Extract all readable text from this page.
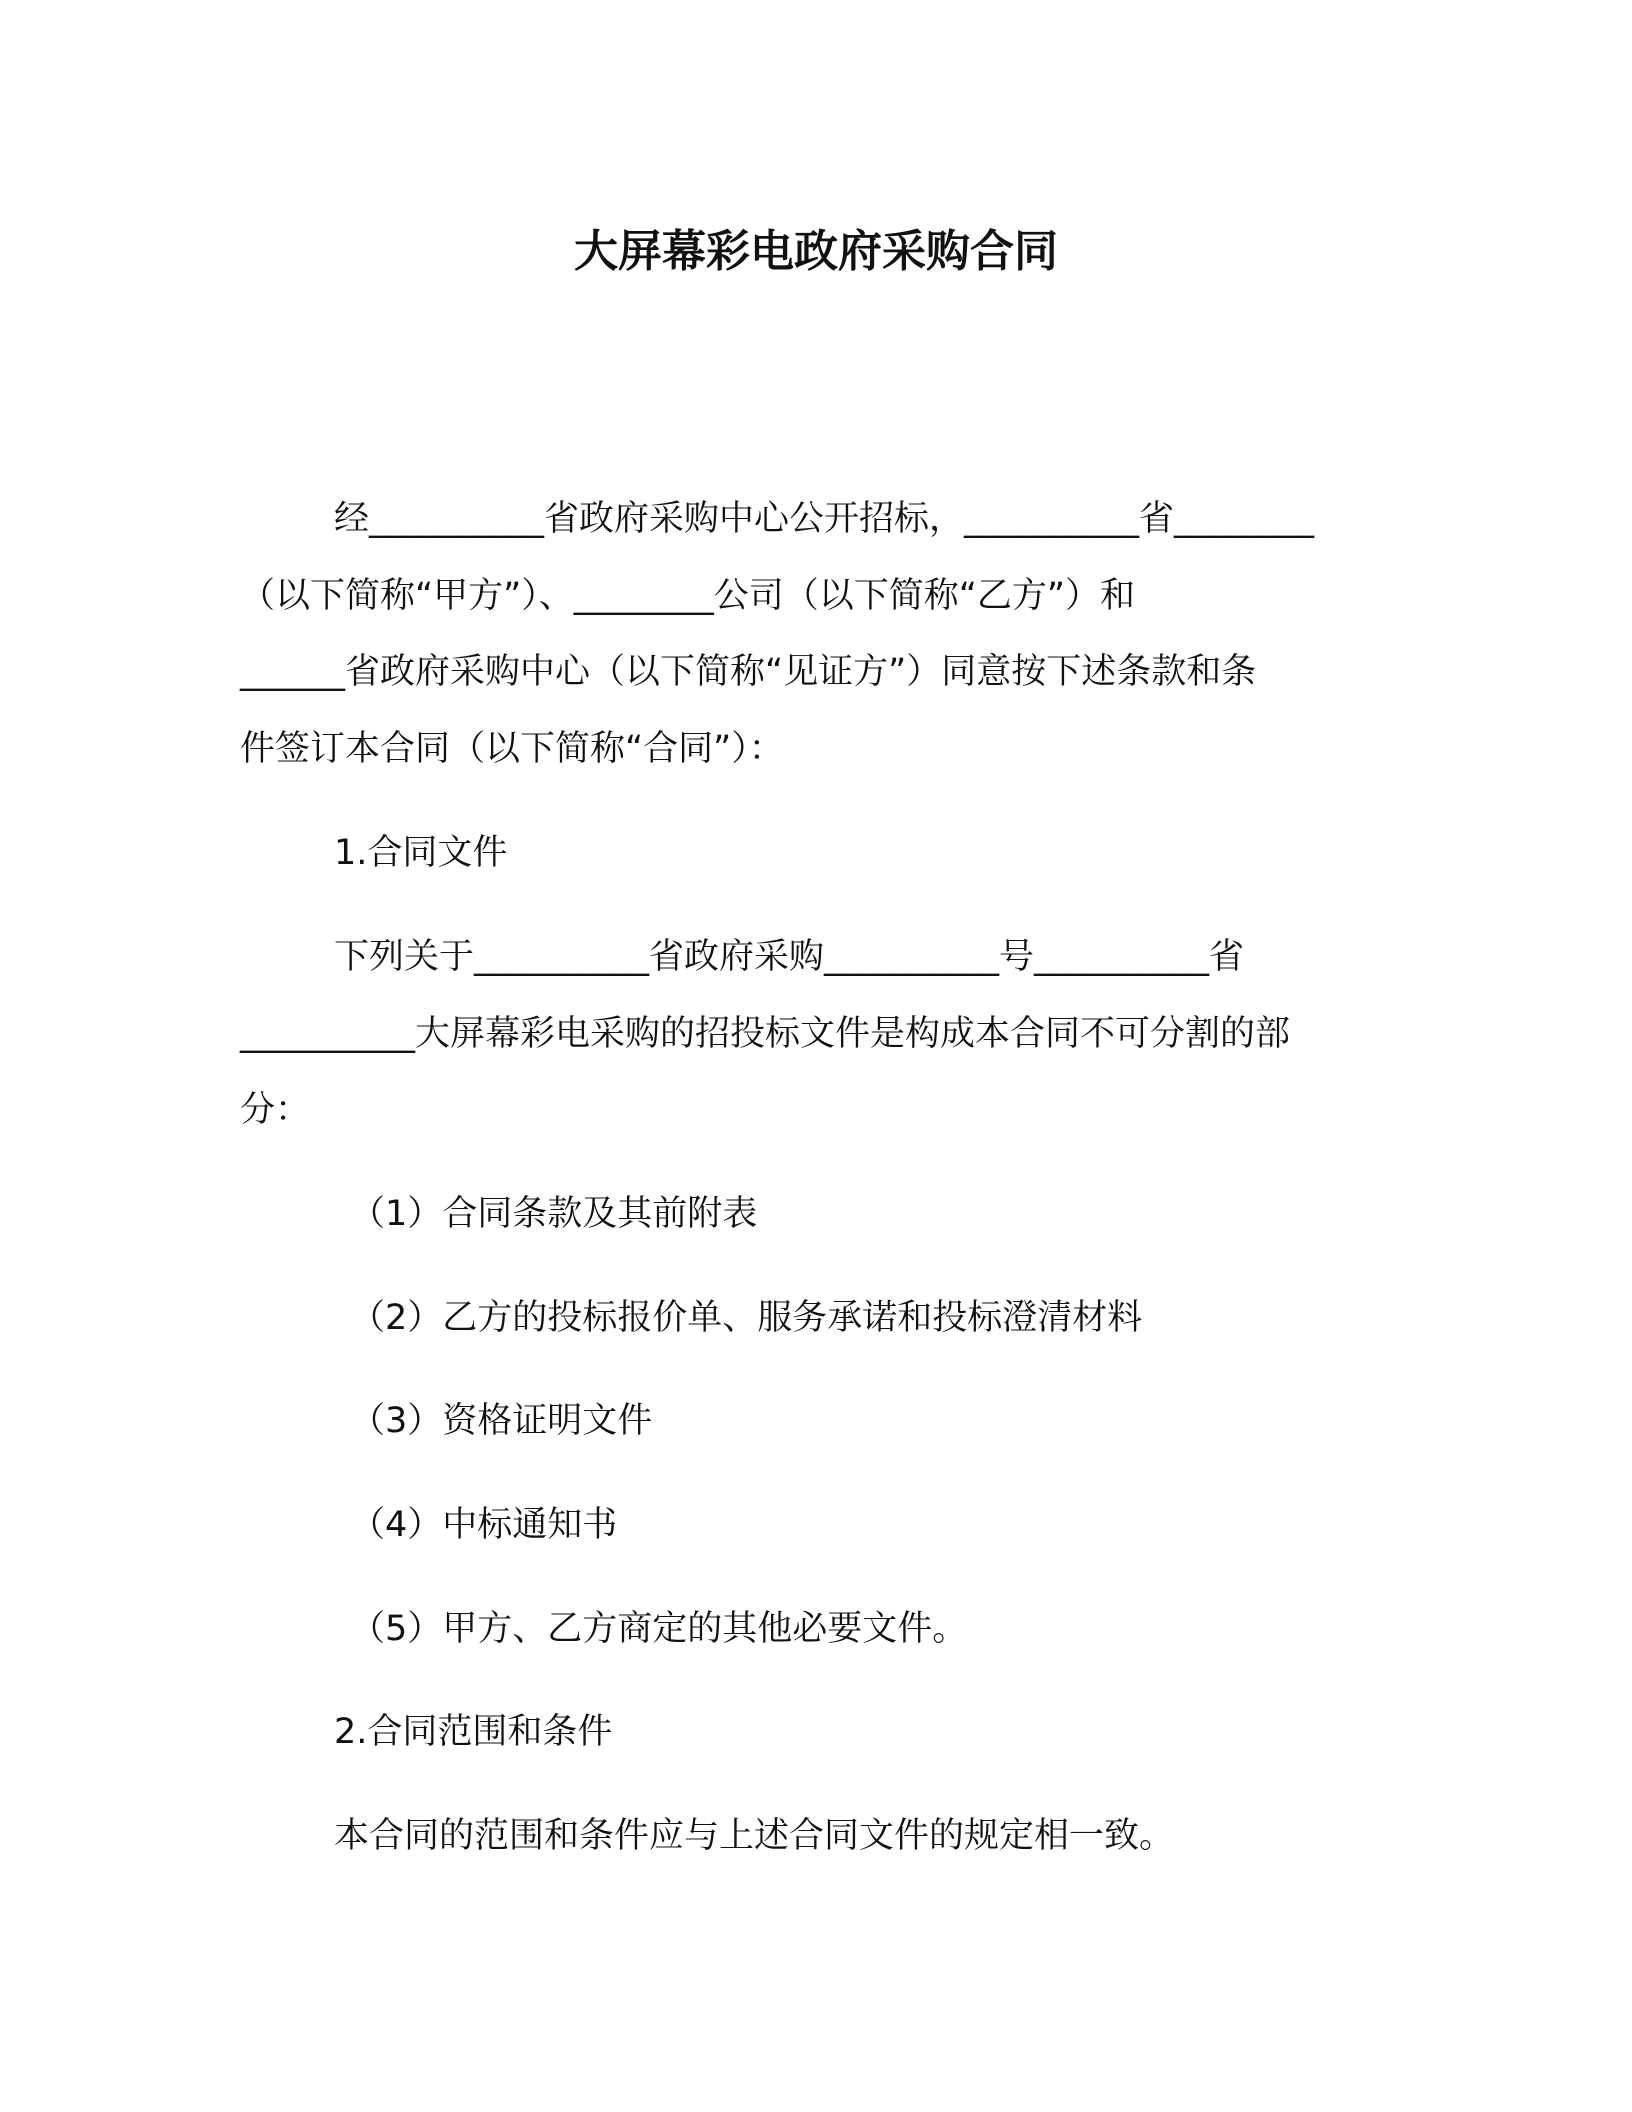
大屏幕彩电政府采购合同
经__________省政府采购中心公开招标，__________省________
（以下简称“甲方”）、________公司（以下简称“乙方”）和
______省政府采购中心（以下简称“见证方”）同意按下述条款和条
件签订本合同（以下简称“合同”）：
1.合同文件
下列关于__________省政府采购__________号__________省
__________大屏幕彩电采购的招投标文件是构成本合同不可分割的部
分：
（1）合同条款及其前附表
（2）乙方的投标报价单、服务承诺和投标澄清材料
（3）资格证明文件
（4）中标通知书
（5）甲方、乙方商定的其他必要文件。
2.合同范围和条件
本合同的范围和条件应与上述合同文件的规定相一致。
